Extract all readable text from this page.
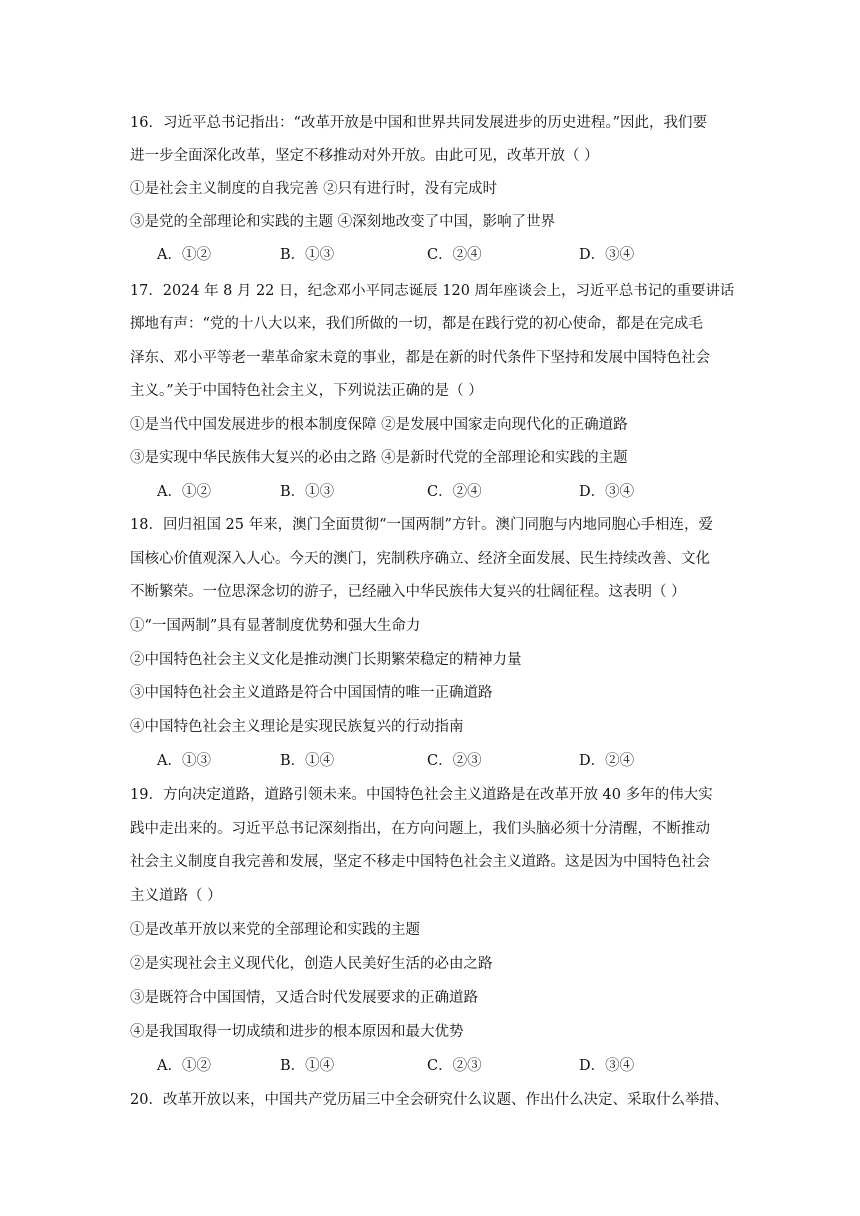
16．习近平总书记指出：“改革开放是中国和世界共同发展进步的历史进程。”因此，我们要
进一步全面深化改革，坚定不移推动对外开放。由此可见，改革开放（ ）
①是社会主义制度的自我完善 ②只有进行时，没有完成时
③是党的全部理论和实践的主题 ④深刻地改变了中国，影响了世界
A．①②	B．①③	C．②④	D．③④
17．2024 年 8 月 22 日，纪念邓小平同志诞辰 120 周年座谈会上，习近平总书记的重要讲话
掷地有声：“党的十八大以来，我们所做的一切，都是在践行党的初心使命，都是在完成毛
泽东、邓小平等老一辈革命家未竟的事业，都是在新的时代条件下坚持和发展中国特色社会
主义。”关于中国特色社会主义，下列说法正确的是（ ）
①是当代中国发展进步的根本制度保障 ②是发展中国家走向现代化的正确道路
③是实现中华民族伟大复兴的必由之路 ④是新时代党的全部理论和实践的主题
A．①②	B．①③	C．②④	D．③④
18．回归祖国 25 年来，澳门全面贯彻“一国两制”方针。澳门同胞与内地同胞心手相连，爱
国核心价值观深入人心。今天的澳门，宪制秩序确立、经济全面发展、民生持续改善、文化
不断繁荣。一位思深念切的游子，已经融入中华民族伟大复兴的壮阔征程。这表明（ ）
①“一国两制”具有显著制度优势和强大生命力
②中国特色社会主义文化是推动澳门长期繁荣稳定的精神力量
③中国特色社会主义道路是符合中国国情的唯一正确道路
④中国特色社会主义理论是实现民族复兴的行动指南
A．①③	B．①④	C．②③	D．②④
19．方向决定道路，道路引领未来。中国特色社会主义道路是在改革开放 40 多年的伟大实
践中走出来的。习近平总书记深刻指出，在方向问题上，我们头脑必须十分清醒，不断推动
社会主义制度自我完善和发展，坚定不移走中国特色社会主义道路。这是因为中国特色社会
主义道路（ ）
①是改革开放以来党的全部理论和实践的主题
②是实现社会主义现代化，创造人民美好生活的必由之路
③是既符合中国国情，又适合时代发展要求的正确道路
④是我国取得一切成绩和进步的根本原因和最大优势
A．①②	B．①④	C．②③	D．③④
20．改革开放以来，中国共产党历届三中全会研究什么议题、作出什么决定、采取什么举措、
